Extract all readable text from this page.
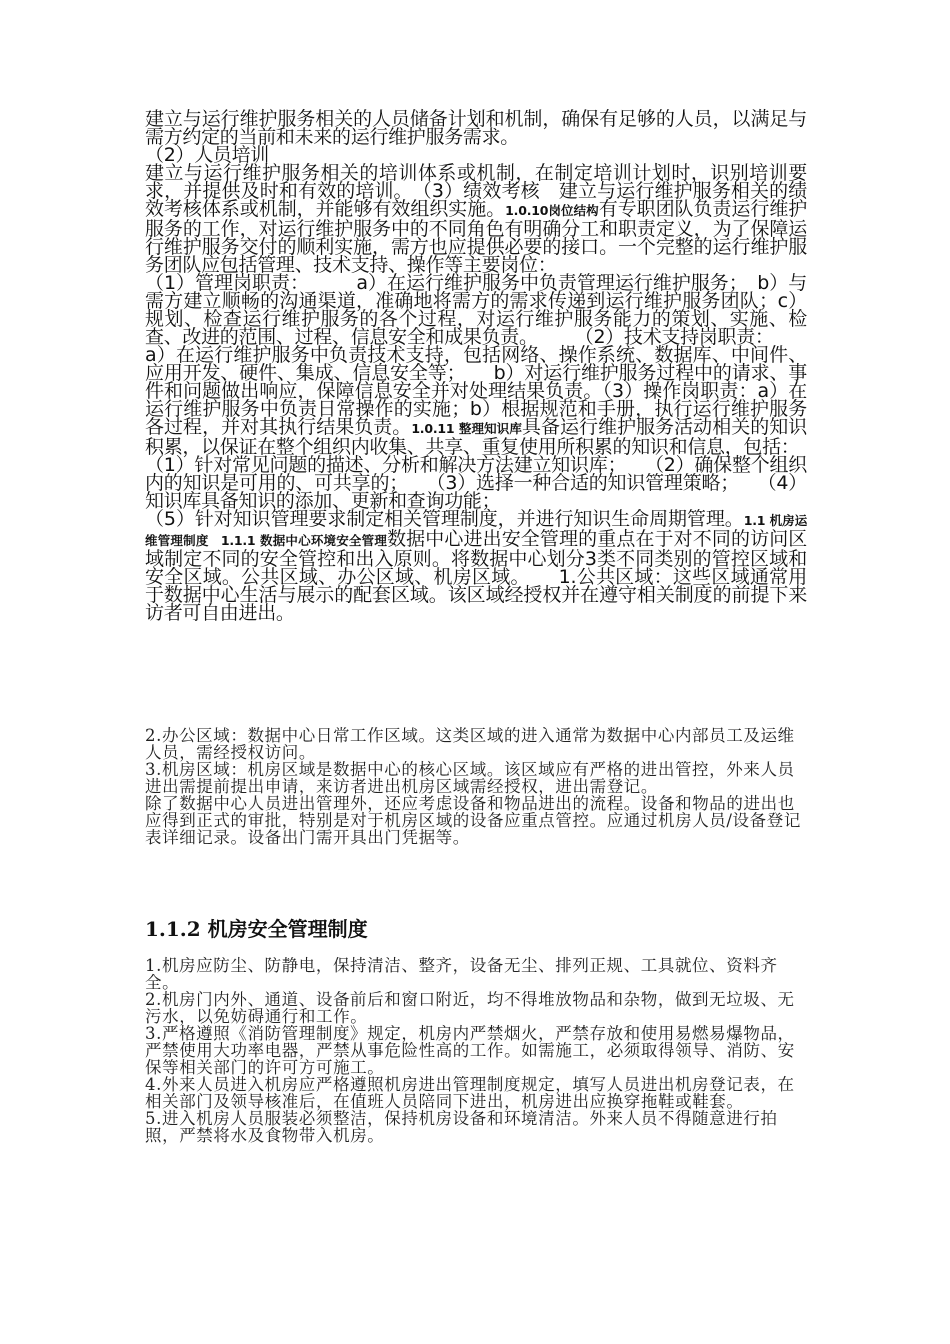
建立与运行维护服务相关的人员储备计划和机制，确保有足够的人员，以满足与需方约定的当前和未来的运行维护服务需求。

（2）人员培训

建立与运行维护服务相关的培训体系或机制，在制定培训计划时，识别培训要求，并提供及时和有效的培训。　（3）绩效考核　建立与运行维护服务相关的绩效考核体系或机制，并能够有效组织实施。1.0.10岗位结构有专职团队负责运行维护服务的工作，对运行维护服务中的不同角色有明确分工和职责定义，为了保障运行维护服务交付的顺利实施，需方也应提供必要的接口。一个完整的运行维护服务团队应包括管理、技术支持、操作等主要岗位：

（1）管理岗职责：　　　a）在运行维护服务中负责管理运行维护服务；　b）与需方建立顺畅的沟通渠道，准确地将需方的需求传递到运行维护服务团队；c）规划、检查运行维护服务的各个过程，对运行维护服务能力的策划、实施、检查、改进的范围、过程、信息安全和成果负责。　　　（2）技术支持岗职责：

a）在运行维护服务中负责技术支持，包括网络、操作系统、数据库、中间件、应用开发、硬件、集成、信息安全等；　　b）对运行维护服务过程中的请求、事件和问题做出响应，保障信息安全并对处理结果负责。（3）操作岗职责：a）在运行维护服务中负责日常操作的实施；b）根据规范和手册，执行运行维护服务各过程，并对其执行结果负责。1.0.11 整理知识库具备运行维护服务活动相关的知识积累，以保证在整个组织内收集、共享、重复使用所积累的知识和信息，包括：

（1）针对常见问题的描述、分析和解决方法建立知识库；　　（2）确保整个组织内的知识是可用的、可共享的；　　（3）选择一种合适的知识管理策略；　　（4）知识库具备知识的添加、更新和查询功能；

（5）针对知识管理要求制定相关管理制度，并进行知识生命周期管理。1.1 机房运维管理制度 1.1.1 数据中心环境安全管理数据中心进出安全管理的重点在于对不同的访问区域制定不同的安全管控和出入原则。将数据中心划分3类不同类别的管控区域和安全区域。公共区域、办公区域、机房区域。　　1.公共区域：这些区域通常用于数据中心生活与展示的配套区域。该区域经授权并在遵守相关制度的前提下来访者可自由进出。

2.办公区域：数据中心日常工作区域。这类区域的进入通常为数据中心内部员工及运维人员，需经授权访问。

3.机房区域：机房区域是数据中心的核心区域。该区域应有严格的进出管控，外来人员进出需提前提出申请，来访者进出机房区域需经授权，进出需登记。

除了数据中心人员进出管理外，还应考虑设备和物品进出的流程。设备和物品的进出也应得到正式的审批，特别是对于机房区域的设备应重点管控。应通过机房人员/设备登记表详细记录。设备出门需开具出门凭据等。

1.1.2 机房安全管理制度

1.机房应防尘、防静电，保持清洁、整齐，设备无尘、排列正规、工具就位、资料齐全。

2.机房门内外、通道、设备前后和窗口附近，均不得堆放物品和杂物，做到无垃圾、无污水，以免妨碍通行和工作。

3.严格遵照《消防管理制度》规定，机房内严禁烟火，严禁存放和使用易燃易爆物品，严禁使用大功率电器，严禁从事危险性高的工作。如需施工，必须取得领导、消防、安保等相关部门的许可方可施工。

4.外来人员进入机房应严格遵照机房进出管理制度规定，填写人员进出机房登记表，在相关部门及领导核准后，在值班人员陪同下进出，机房进出应换穿拖鞋或鞋套。

5.进入机房人员服装必须整洁，保持机房设备和环境清洁。外来人员不得随意进行拍照，严禁将水及食物带入机房。
